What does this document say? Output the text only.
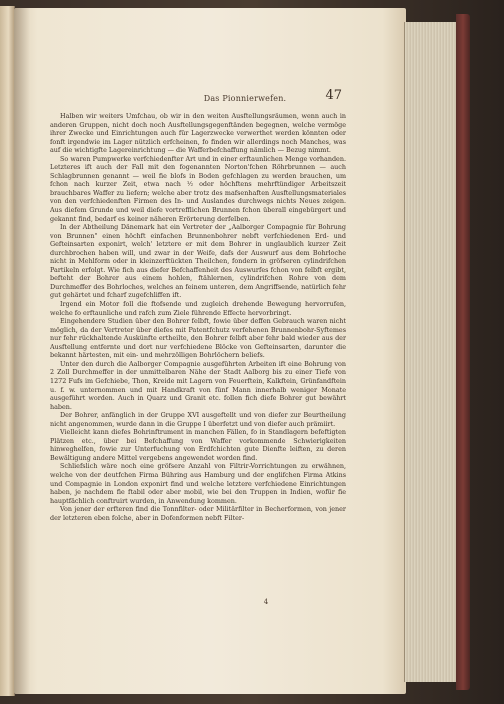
Das Pionnierwefen.	47

Halben wir weiters Umfchau, ob wir in den weiten Ausftellungsräumen, wenn auch in anderen Gruppen, nicht doch noch Ausftellungsgegenftänden begegnen, welche vermöge ihrer Zwecke und Einrichtungen auch für Lagerzwecke verwerthet werden könnten oder fonft irgendwie im Lager nützlich erfcheinen, fo finden wir allerdings noch Manches, was auf die wichtigfte Lagereinrichtung — die Wafferbefchaffung nämlich — Bezug nimmt.

So waren Pumpwerke verfchiedenfter Art und in einer erftaunlichen Menge vorhanden. Letzteres ift auch der Fall mit den fogenannten Norton'fchen Röhrbrunnen — auch Schlagbrunnen genannt — weil fie blofs in Boden gefchlagen zu werden brauchen, um fchon nach kurzer Zeit, etwa nach ½ oder höchftens mehrftündiger Arbeitszeit brauchbares Waffer zu liefern; welche aber trotz des mafsenhaften Ausftellungsmateriales von den verfchiedenften Firmen des In- und Auslandes durchwegs nichts Neues zeigen. Aus diefem Grunde und weil diefe vortrefflichen Brunnen fchon überall eingebürgert und gekannt find, bedarf es keiner näheren Erörterung derfelben.

In der Abtheilung Dänemark hat ein Vertreter der „Aalborger Compagnie für Bohrung von Brunnen" einen höchft einfachen Brunnenbohrer nebft verfchiedenen Erd- und Gefteinsarten exponirt, welch' letztere er mit dem Bohrer in unglaublich kurzer Zeit durchbrochen haben will, und zwar in der Weife, dafs der Auswurf aus dem Bohrloche nicht in Mehlform oder in kleinzerftückten Theilchen, fondern in gröfseren cylindrifchen Partikeln erfolgt. Wie fich aus diefer Befchaffenheit des Auswurfes fchon von felbft ergibt, befteht der Bohrer aus einem hohlen, ftählernen, cylindrifchen Rohre von dem Durchmeffer des Bohrloches, welches an feinem unteren, dem Angriffsende, natürlich fehr gut gehärtet und fcharf zugefchliffen ift.

Irgend ein Motor foll die ftofsende und zugleich drehende Bewegung hervorrufen, welche fo erftaunliche und rafch zum Ziele führende Effecte hervorbringt.

Eingehendere Studien über den Bohrer felbft, fowie über deffen Gebrauch waren nicht möglich, da der Vertreter über diefes mit Patentfchutz verfehenen Brunnenbohr-Syftemes nur fehr rückhaltende Auskünfte ertheilte, den Bohrer felbft aber fehr bald wieder aus der Ausftellung entfernte und dort nur verfchiedene Blöcke von Gefteinsarten, darunter die bekannt härtesten, mit ein- und mehrzölligen Bohrlöchern beliefs.

Unter den durch die Aalborger Compagnie ausgeführten Arbeiten ift eine Bohrung von 2 Zoll Durchmeffer in der unmittelbaren Nähe der Stadt Aalborg bis zu einer Tiefe von 1272 Fufs im Gefchiebe, Thon, Kreide mit Lagern von Feuerftein, Kalkftein, Grünfandftein u. f. w. unternommen und mit Handkraft von fünf Mann innerhalb weniger Monate ausgeführt worden. Auch in Quarz und Granit etc. follen fich diefe Bohrer gut bewährt haben.

Der Bohrer, anfänglich in der Gruppe XVI ausgeftellt und von diefer zur Beurtheilung nicht angenommen, wurde dann in die Gruppe I überfetzt und von diefer auch prämiirt.

Vielleicht kann diefes Bohrinftrument in manchen Fällen, fo in Standlagern befeftigten Plätzen etc., über bei Befchaffung von Waffer vorkommende Schwierigkeiten hinweghelfen, fowie zur Unterfuchung von Erdfchichten gute Dienfte leiften, zu deren Bewältigung andere Mittel vergebens angewendet worden find.

Schliefslich wäre noch eine gröfsere Anzahl von Filtrir-Vorrichtungen zu erwähnen, welche von der deutfchen Firma Bühring aus Hamburg und der englifchen Firma Atkins und Compagnie in London exponirt find und welche letztere verfchiedene Einrichtungen haben, je nachdem fie ftabil oder aber mobil, wie bei den Truppen in Indien, wofür fie hauptfächlich conftruirt wurden, in Anwendung kommen.

Von jener der erfteren find die Tonnfilter- oder Militärfilter in Becherformen, von jener der letzteren eben folche, aber in Dofenformen nebft Filter-

4
